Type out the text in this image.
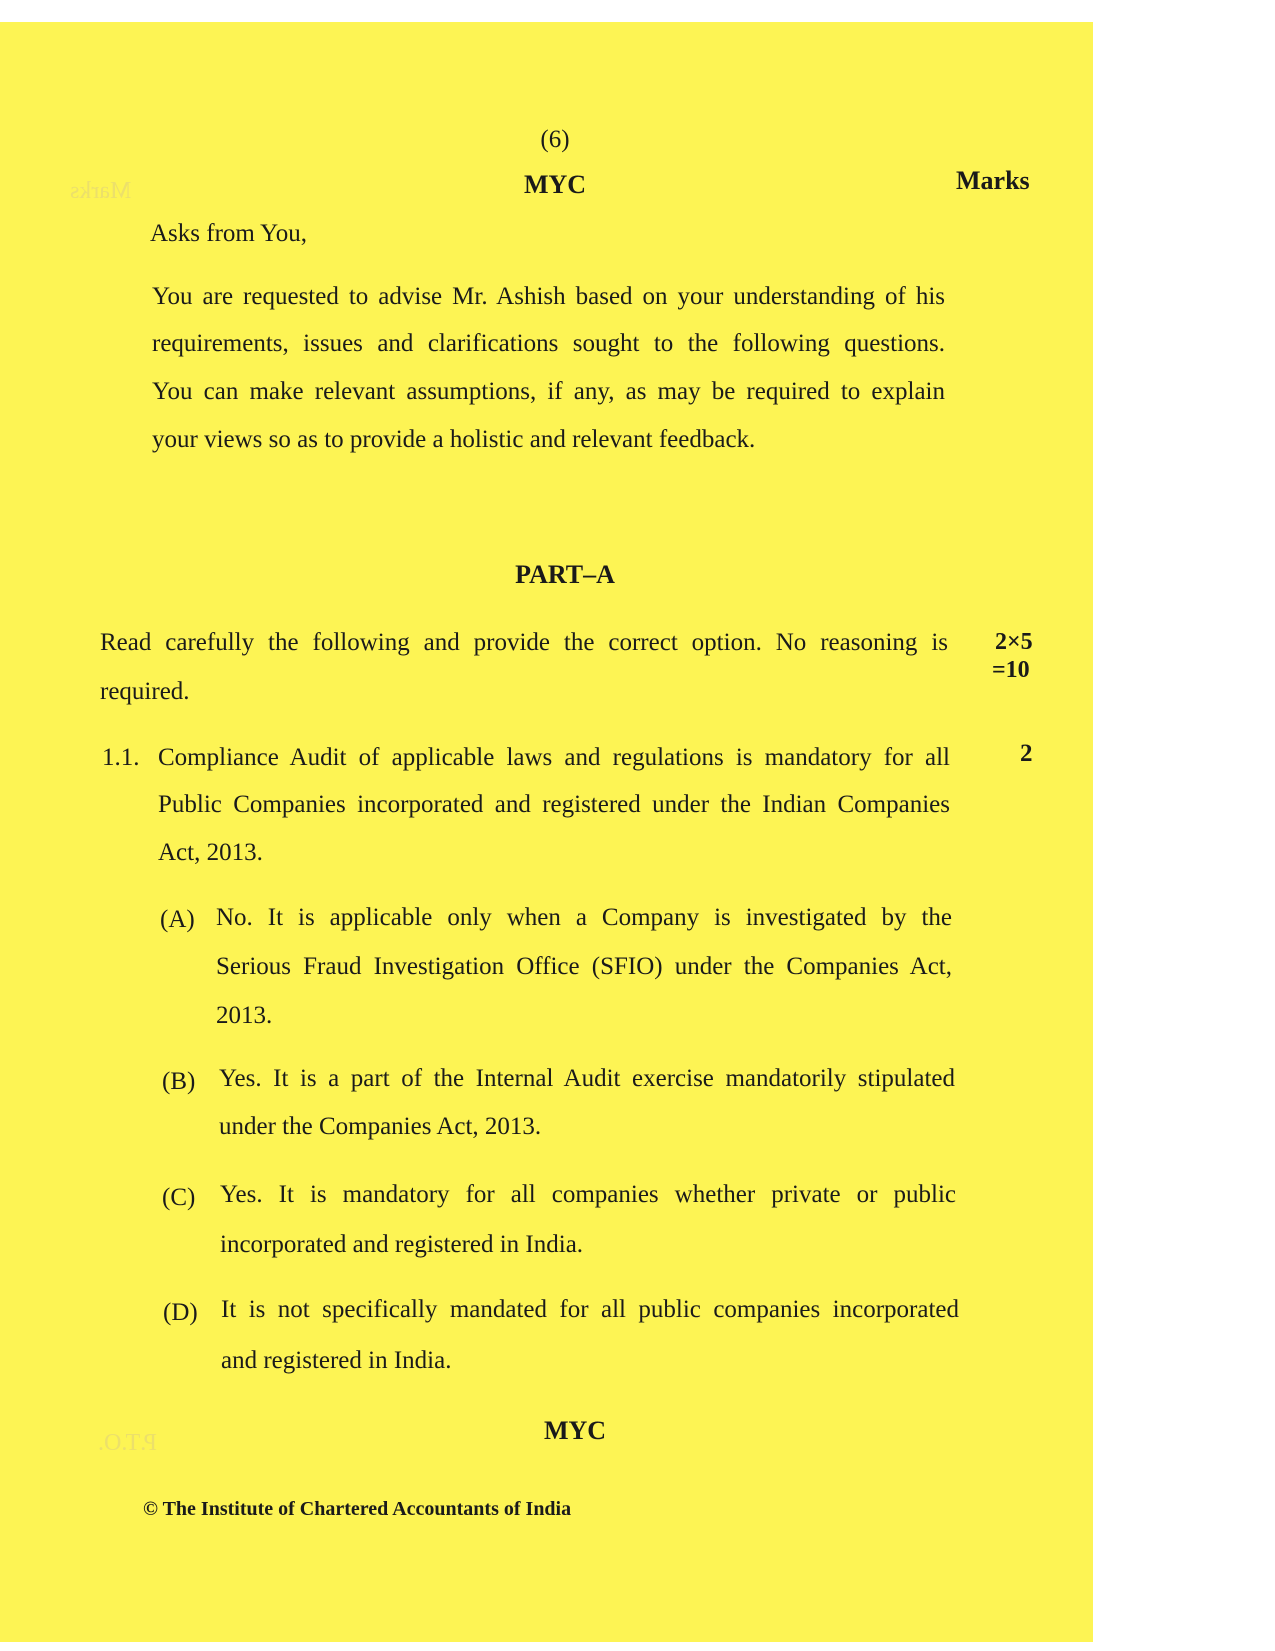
Marks
P.T.O.
(6)
MYC	Marks
Asks from You,
You are requested to advise Mr. Ashish based on your understanding of his
requirements, issues and clarifications sought to the following questions.
You can make relevant assumptions, if any, as may be required to explain
your views so as to provide a holistic and relevant feedback.
PART–A
Read carefully the following and provide the correct option. No reasoning is
required.
2×5
=10
1.1. Compliance Audit of applicable laws and regulations is mandatory for all
Public Companies incorporated and registered under the Indian Companies
Act, 2013.
2
(A) No. It is applicable only when a Company is investigated by the
Serious Fraud Investigation Office (SFIO) under the Companies Act,
2013.
(B) Yes. It is a part of the Internal Audit exercise mandatorily stipulated
under the Companies Act, 2013.
(C) Yes. It is mandatory for all companies whether private or public
incorporated and registered in India.
(D) It is not specifically mandated for all public companies incorporated
and registered in India.
MYC
© The Institute of Chartered Accountants of India
